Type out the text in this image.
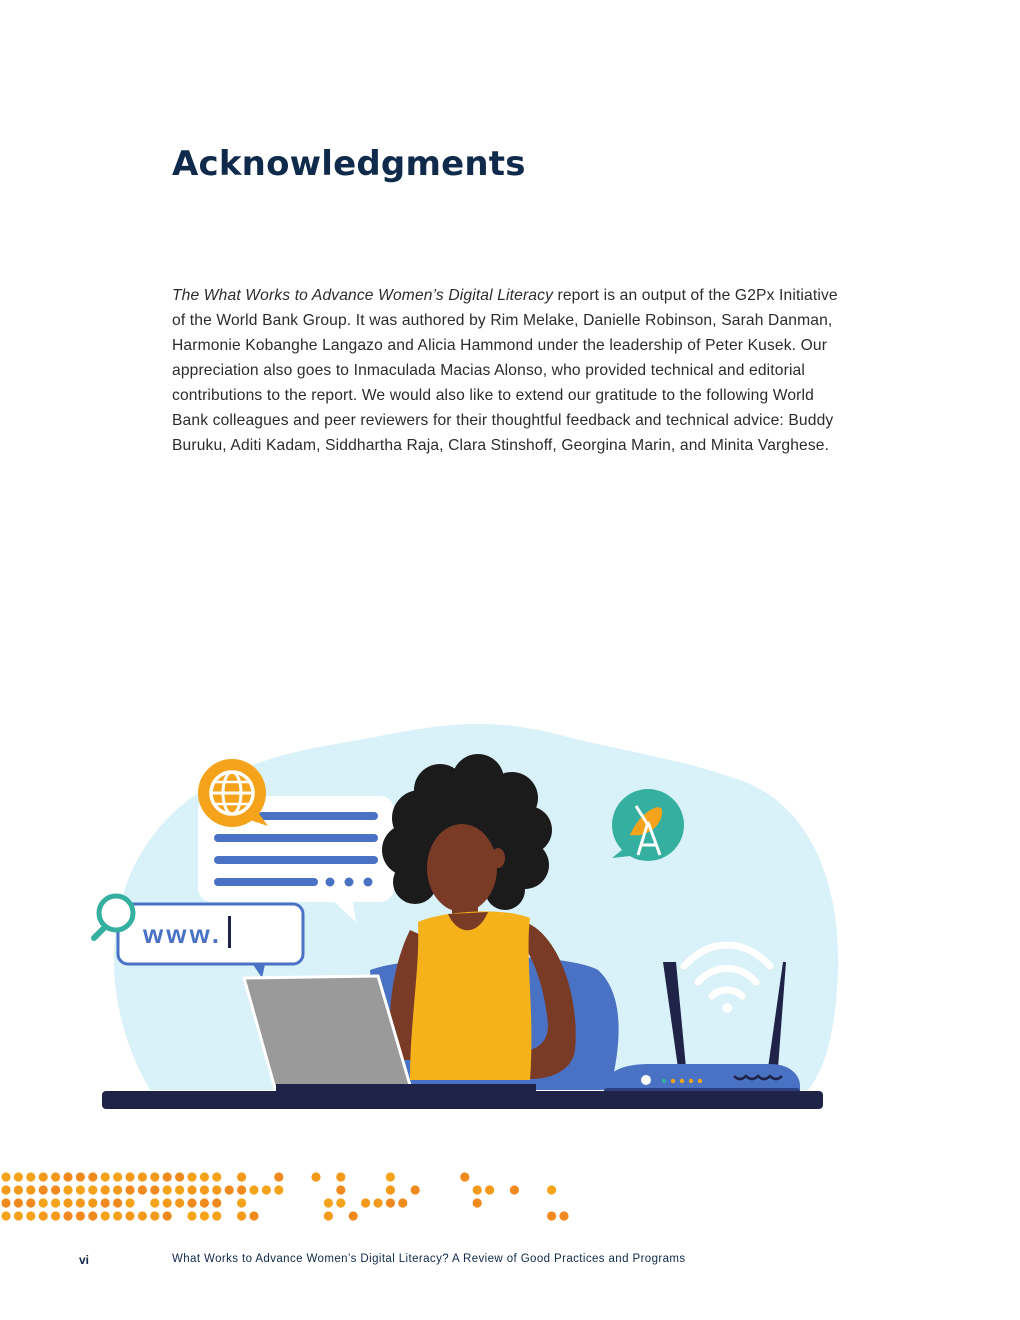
Acknowledgments

The What Works to Advance Women’s Digital Literacy report is an output of the G2Px Initiative of the World Bank Group. It was authored by Rim Melake, Danielle Robinson, Sarah Danman, Harmonie Kobanghe Langazo and Alicia Hammond under the leadership of Peter Kusek. Our appreciation also goes to Inmaculada Macias Alonso, who provided technical and editorial contributions to the report. We would also like to extend our gratitude to the following World Bank colleagues and peer reviewers for their thoughtful feedback and technical advice: Buddy Buruku, Aditi Kadam, Siddhartha Raja, Clara Stinshoff, Georgina Marin, and Minita Varghese.

www.
vi	What Works to Advance Women’s Digital Literacy? A Review of Good Practices and Programs
